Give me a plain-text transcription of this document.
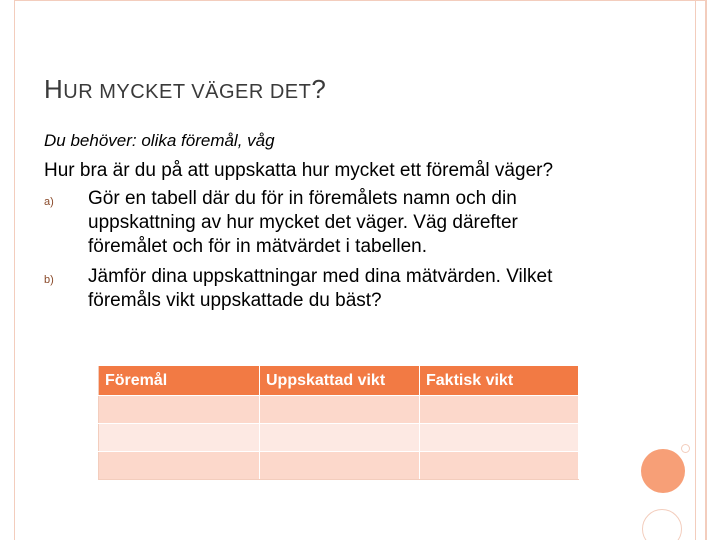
HUR MYCKET VÄGER DET?
Du behöver: olika föremål, våg
Hur bra är du på att uppskatta hur mycket ett föremål väger?
a) Gör en tabell där du för in föremålets namn och din
uppskattning av hur mycket det väger. Väg därefter
föremålet och för in mätvärdet i tabellen.
b) Jämför dina uppskattningar med dina mätvärden. Vilket
föremåls vikt uppskattade du bäst?
Föremål	Uppskattad vikt	Faktisk vikt
